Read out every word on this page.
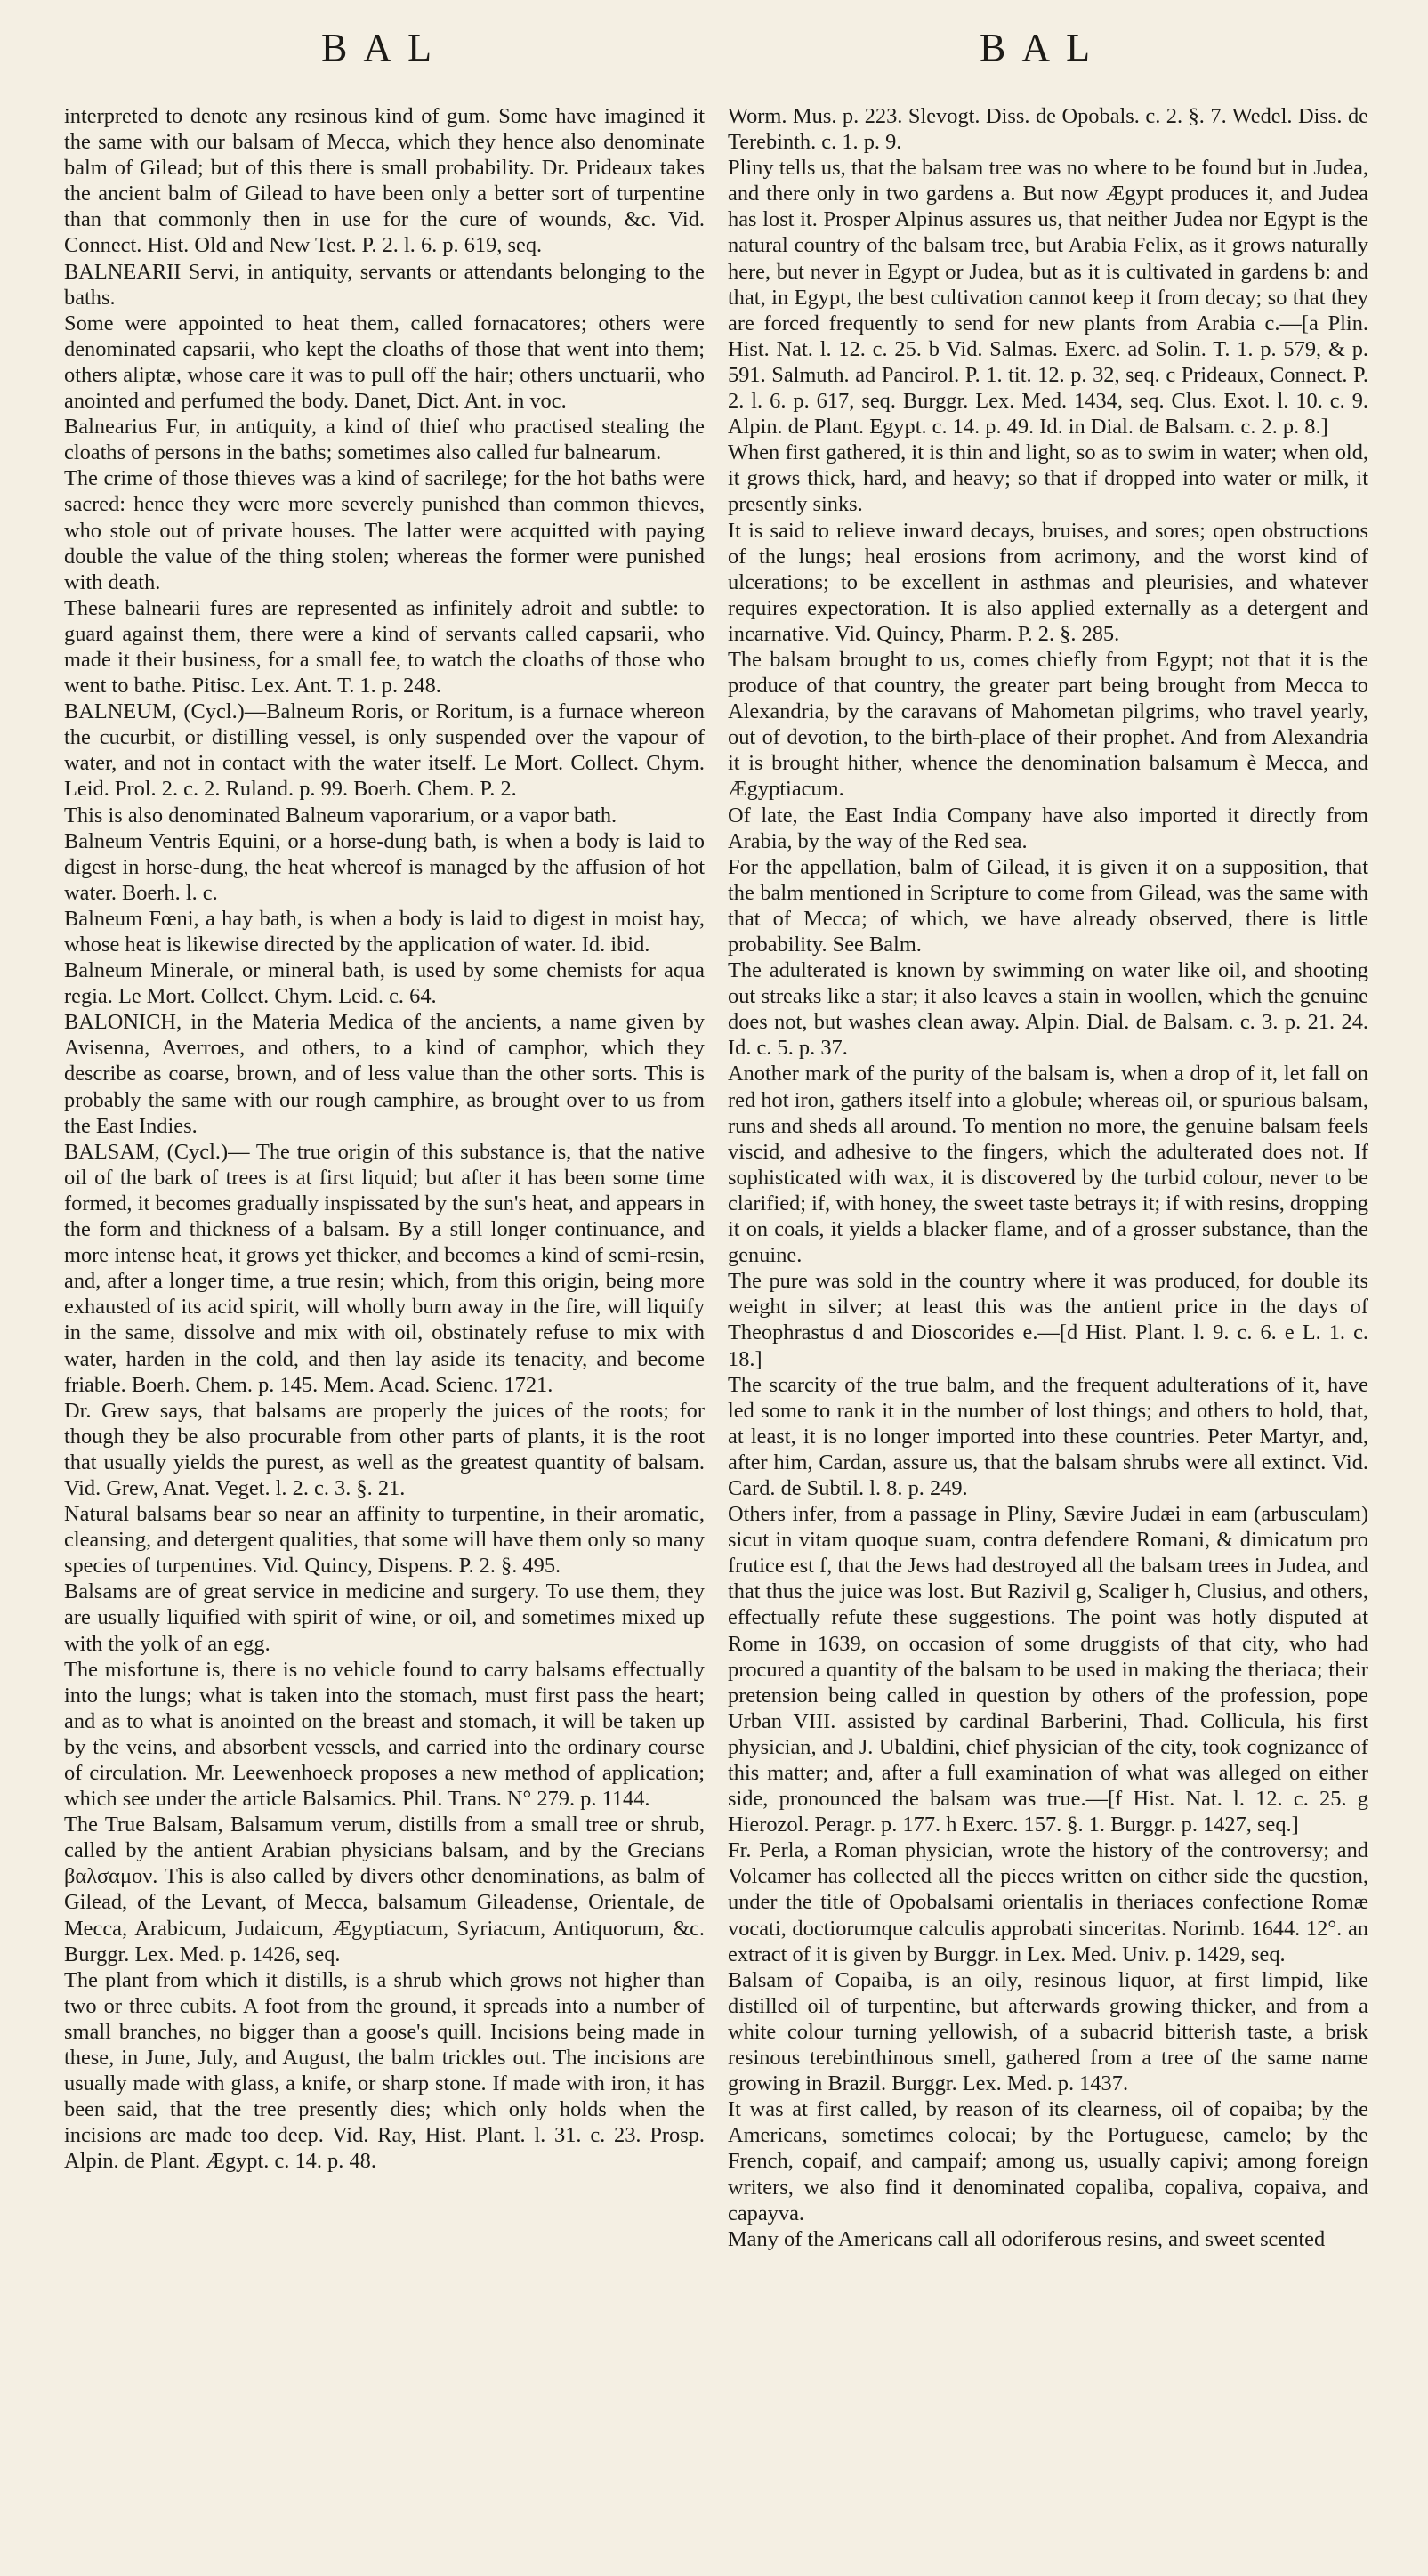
BAL	BAL

interpreted to denote any resinous kind of gum. Some have imagined it the same with our balsam of Mecca, which they hence also denominate balm of Gilead; but of this there is small probability. Dr. Prideaux takes the ancient balm of Gilead to have been only a better sort of turpentine than that commonly then in use for the cure of wounds, &c. Vid. Connect. Hist. Old and New Test. P. 2. l. 6. p. 619, seq.

BALNEARII Servi, in antiquity, servants or attendants belonging to the baths.

Some were appointed to heat them, called fornacatores; others were denominated capsarii, who kept the cloaths of those that went into them; others aliptæ, whose care it was to pull off the hair; others unctuarii, who anointed and perfumed the body. Danet, Dict. Ant. in voc.

Balnearius Fur, in antiquity, a kind of thief who practised stealing the cloaths of persons in the baths; sometimes also called fur balnearum.

The crime of those thieves was a kind of sacrilege; for the hot baths were sacred: hence they were more severely punished than common thieves, who stole out of private houses. The latter were acquitted with paying double the value of the thing stolen; whereas the former were punished with death.

These balnearii fures are represented as infinitely adroit and subtle: to guard against them, there were a kind of servants called capsarii, who made it their business, for a small fee, to watch the cloaths of those who went to bathe. Pitisc. Lex. Ant. T. 1. p. 248.

BALNEUM, (Cycl.)—Balneum Roris, or Roritum, is a furnace whereon the cucurbit, or distilling vessel, is only suspended over the vapour of water, and not in contact with the water itself. Le Mort. Collect. Chym. Leid. Prol. 2. c. 2. Ruland. p. 99. Boerh. Chem. P. 2.

This is also denominated Balneum vaporarium, or a vapor bath.

Balneum Ventris Equini, or a horse-dung bath, is when a body is laid to digest in horse-dung, the heat whereof is managed by the affusion of hot water. Boerh. l. c.

Balneum Fœni, a hay bath, is when a body is laid to digest in moist hay, whose heat is likewise directed by the application of water. Id. ibid.

Balneum Minerale, or mineral bath, is used by some chemists for aqua regia. Le Mort. Collect. Chym. Leid. c. 64.

BALONICH, in the Materia Medica of the ancients, a name given by Avisenna, Averroes, and others, to a kind of camphor, which they describe as coarse, brown, and of less value than the other sorts. This is probably the same with our rough camphire, as brought over to us from the East Indies.

BALSAM, (Cycl.)— The true origin of this substance is, that the native oil of the bark of trees is at first liquid; but after it has been some time formed, it becomes gradually inspissated by the sun's heat, and appears in the form and thickness of a balsam. By a still longer continuance, and more intense heat, it grows yet thicker, and becomes a kind of semi-resin, and, after a longer time, a true resin; which, from this origin, being more exhausted of its acid spirit, will wholly burn away in the fire, will liquify in the same, dissolve and mix with oil, obstinately refuse to mix with water, harden in the cold, and then lay aside its tenacity, and become friable. Boerh. Chem. p. 145. Mem. Acad. Scienc. 1721.

Dr. Grew says, that balsams are properly the juices of the roots; for though they be also procurable from other parts of plants, it is the root that usually yields the purest, as well as the greatest quantity of balsam. Vid. Grew, Anat. Veget. l. 2. c. 3. §. 21.

Natural balsams bear so near an affinity to turpentine, in their aromatic, cleansing, and detergent qualities, that some will have them only so many species of turpentines. Vid. Quincy, Dispens. P. 2. §. 495.

Balsams are of great service in medicine and surgery. To use them, they are usually liquified with spirit of wine, or oil, and sometimes mixed up with the yolk of an egg.

The misfortune is, there is no vehicle found to carry balsams effectually into the lungs; what is taken into the stomach, must first pass the heart; and as to what is anointed on the breast and stomach, it will be taken up by the veins, and absorbent vessels, and carried into the ordinary course of circulation. Mr. Leewenhoeck proposes a new method of application; which see under the article Balsamics. Phil. Trans. N° 279. p. 1144.

The True Balsam, Balsamum verum, distills from a small tree or shrub, called by the antient Arabian physicians balsam, and by the Grecians βαλσαμον. This is also called by divers other denominations, as balm of Gilead, of the Levant, of Mecca, balsamum Gileadense, Orientale, de Mecca, Arabicum, Judaicum, Ægyptiacum, Syriacum, Antiquorum, &c. Burggr. Lex. Med. p. 1426, seq.

The plant from which it distills, is a shrub which grows not higher than two or three cubits. A foot from the ground, it spreads into a number of small branches, no bigger than a goose's quill. Incisions being made in these, in June, July, and August, the balm trickles out. The incisions are usually made with glass, a knife, or sharp stone. If made with iron, it has been said, that the tree presently dies; which only holds when the incisions are made too deep. Vid. Ray, Hist. Plant. l. 31. c. 23. Prosp. Alpin. de Plant. Ægypt. c. 14. p. 48.

Worm. Mus. p. 223. Slevogt. Diss. de Opobals. c. 2. §. 7. Wedel. Diss. de Terebinth. c. 1. p. 9.

Pliny tells us, that the balsam tree was no where to be found but in Judea, and there only in two gardens a. But now Ægypt produces it, and Judea has lost it. Prosper Alpinus assures us, that neither Judea nor Egypt is the natural country of the balsam tree, but Arabia Felix, as it grows naturally here, but never in Egypt or Judea, but as it is cultivated in gardens b: and that, in Egypt, the best cultivation cannot keep it from decay; so that they are forced frequently to send for new plants from Arabia c.—[a Plin. Hist. Nat. l. 12. c. 25. b Vid. Salmas. Exerc. ad Solin. T. 1. p. 579, & p. 591. Salmuth. ad Pancirol. P. 1. tit. 12. p. 32, seq. c Prideaux, Connect. P. 2. l. 6. p. 617, seq. Burggr. Lex. Med. 1434, seq. Clus. Exot. l. 10. c. 9. Alpin. de Plant. Egypt. c. 14. p. 49. Id. in Dial. de Balsam. c. 2. p. 8.]

When first gathered, it is thin and light, so as to swim in water; when old, it grows thick, hard, and heavy; so that if dropped into water or milk, it presently sinks.

It is said to relieve inward decays, bruises, and sores; open obstructions of the lungs; heal erosions from acrimony, and the worst kind of ulcerations; to be excellent in asthmas and pleurisies, and whatever requires expectoration. It is also applied externally as a detergent and incarnative. Vid. Quincy, Pharm. P. 2. §. 285.

The balsam brought to us, comes chiefly from Egypt; not that it is the produce of that country, the greater part being brought from Mecca to Alexandria, by the caravans of Mahometan pilgrims, who travel yearly, out of devotion, to the birth-place of their prophet. And from Alexandria it is brought hither, whence the denomination balsamum è Mecca, and Ægyptiacum.

Of late, the East India Company have also imported it directly from Arabia, by the way of the Red sea.

For the appellation, balm of Gilead, it is given it on a supposition, that the balm mentioned in Scripture to come from Gilead, was the same with that of Mecca; of which, we have already observed, there is little probability. See Balm.

The adulterated is known by swimming on water like oil, and shooting out streaks like a star; it also leaves a stain in woollen, which the genuine does not, but washes clean away. Alpin. Dial. de Balsam. c. 3. p. 21. 24. Id. c. 5. p. 37.

Another mark of the purity of the balsam is, when a drop of it, let fall on red hot iron, gathers itself into a globule; whereas oil, or spurious balsam, runs and sheds all around. To mention no more, the genuine balsam feels viscid, and adhesive to the fingers, which the adulterated does not. If sophisticated with wax, it is discovered by the turbid colour, never to be clarified; if, with honey, the sweet taste betrays it; if with resins, dropping it on coals, it yields a blacker flame, and of a grosser substance, than the genuine.

The pure was sold in the country where it was produced, for double its weight in silver; at least this was the antient price in the days of Theophrastus d and Dioscorides e.—[d Hist. Plant. l. 9. c. 6. e L. 1. c. 18.]

The scarcity of the true balm, and the frequent adulterations of it, have led some to rank it in the number of lost things; and others to hold, that, at least, it is no longer imported into these countries. Peter Martyr, and, after him, Cardan, assure us, that the balsam shrubs were all extinct. Vid. Card. de Subtil. l. 8. p. 249.

Others infer, from a passage in Pliny, Sævire Judæi in eam (arbusculam) sicut in vitam quoque suam, contra defendere Romani, & dimicatum pro frutice est f, that the Jews had destroyed all the balsam trees in Judea, and that thus the juice was lost. But Razivil g, Scaliger h, Clusius, and others, effectually refute these suggestions. The point was hotly disputed at Rome in 1639, on occasion of some druggists of that city, who had procured a quantity of the balsam to be used in making the theriaca; their pretension being called in question by others of the profession, pope Urban VIII. assisted by cardinal Barberini, Thad. Collicula, his first physician, and J. Ubaldini, chief physician of the city, took cognizance of this matter; and, after a full examination of what was alleged on either side, pronounced the balsam was true.—[f Hist. Nat. l. 12. c. 25. g Hierozol. Peragr. p. 177. h Exerc. 157. §. 1. Burggr. p. 1427, seq.]

Fr. Perla, a Roman physician, wrote the history of the controversy; and Volcamer has collected all the pieces written on either side the question, under the title of Opobalsami orientalis in theriaces confectione Romæ vocati, doctiorumque calculis approbati sinceritas. Norimb. 1644. 12°. an extract of it is given by Burggr. in Lex. Med. Univ. p. 1429, seq.

Balsam of Copaiba, is an oily, resinous liquor, at first limpid, like distilled oil of turpentine, but afterwards growing thicker, and from a white colour turning yellowish, of a subacrid bitterish taste, a brisk resinous terebinthinous smell, gathered from a tree of the same name growing in Brazil. Burggr. Lex. Med. p. 1437.

It was at first called, by reason of its clearness, oil of copaiba; by the Americans, sometimes colocai; by the Portuguese, camelo; by the French, copaif, and campaif; among us, usually capivi; among foreign writers, we also find it denominated copaliba, copaliva, copaiva, and capayva.

Many of the Americans call all odoriferous resins, and sweet scented
